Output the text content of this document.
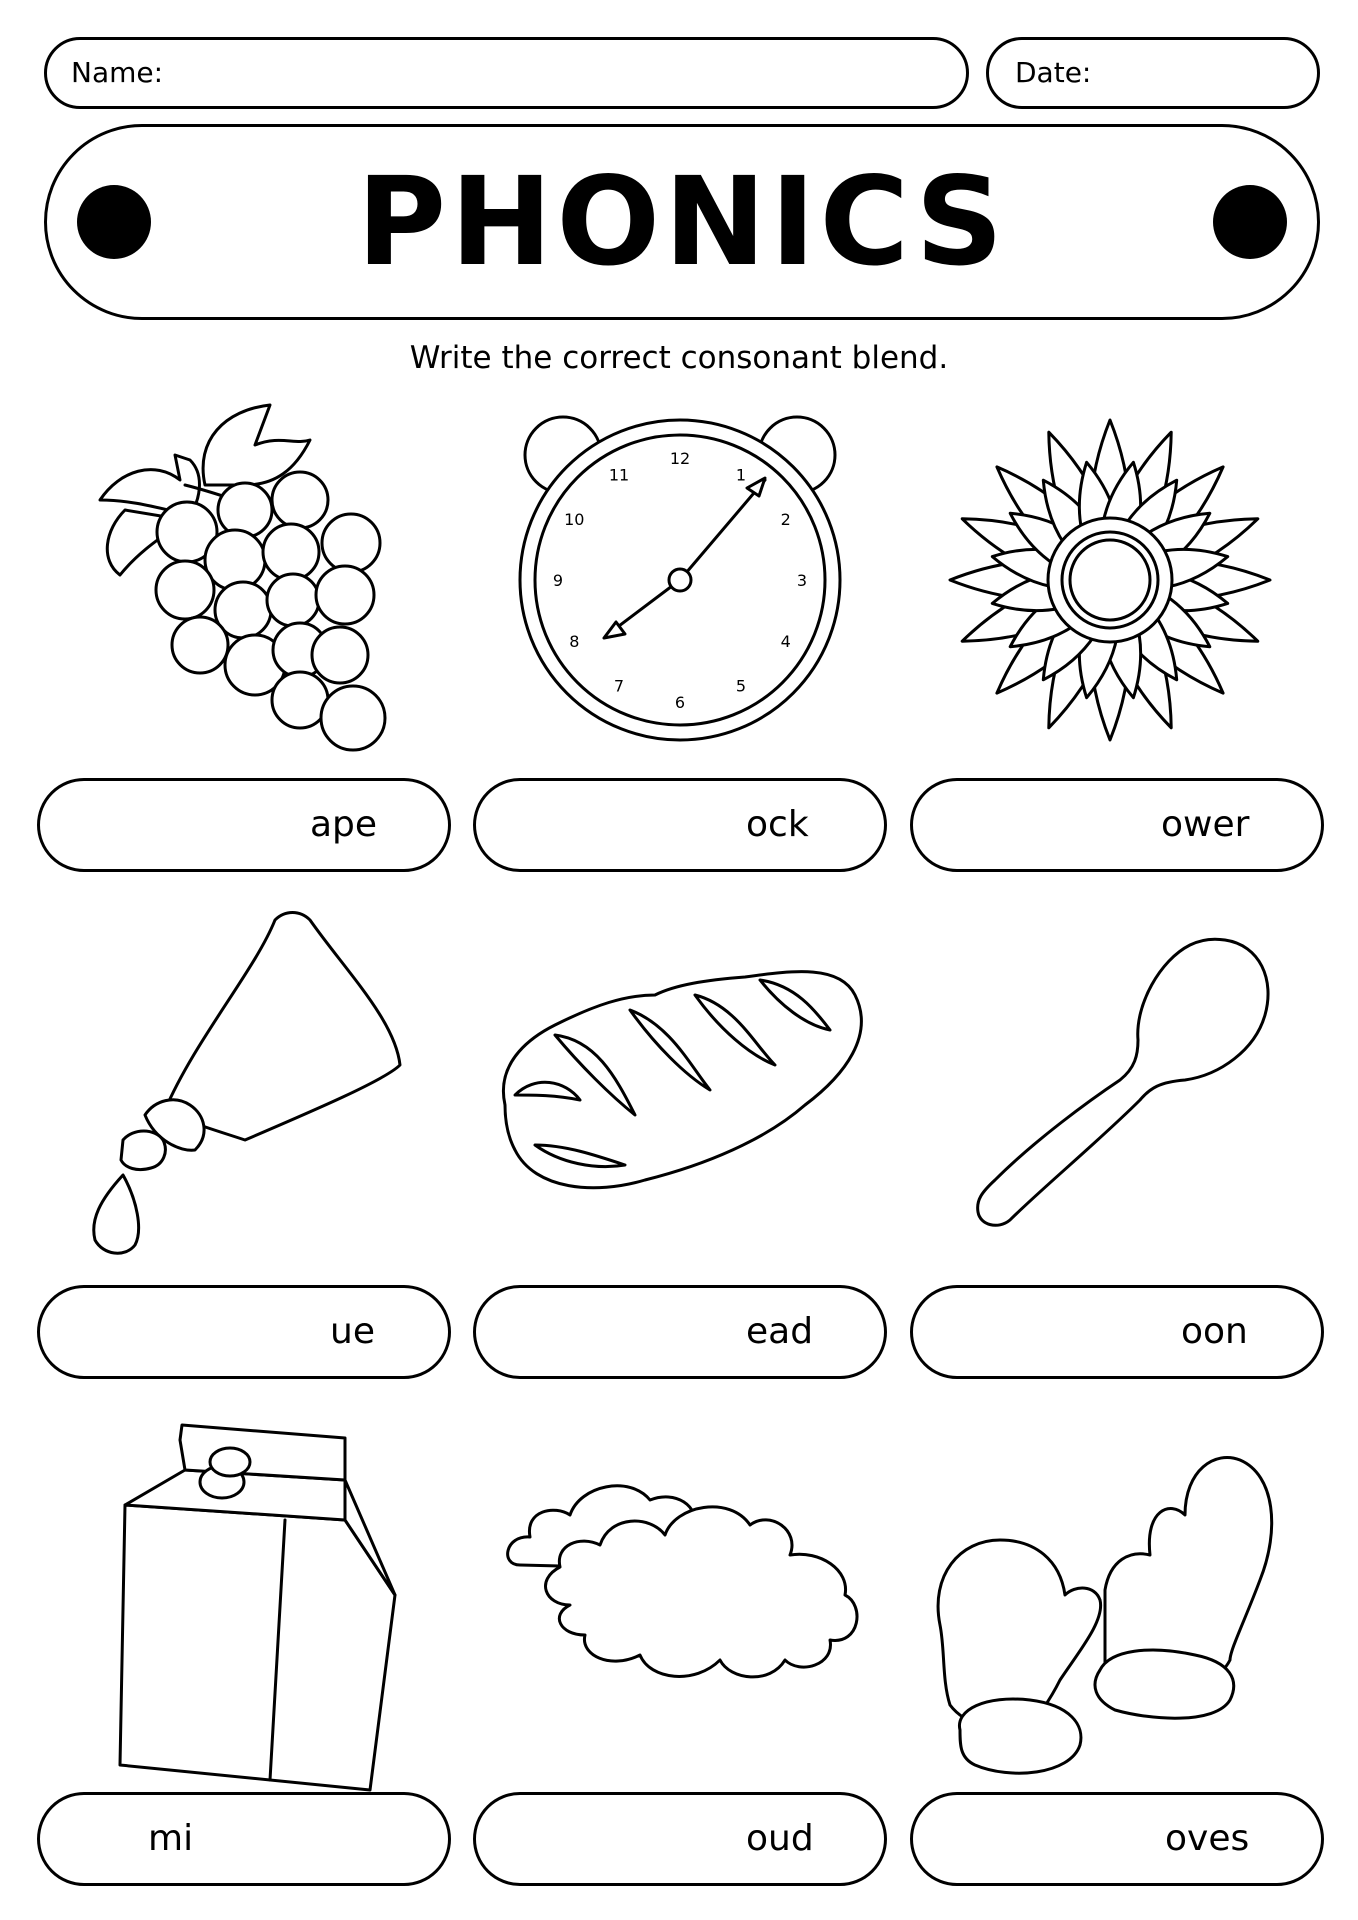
Name:	Date:
PHONICS
Write the correct consonant blend.
12
1
2
3
4
5
6
7
8
9
10
11
ape	ock	ower
ue	ead	oon
mi	oud	oves
